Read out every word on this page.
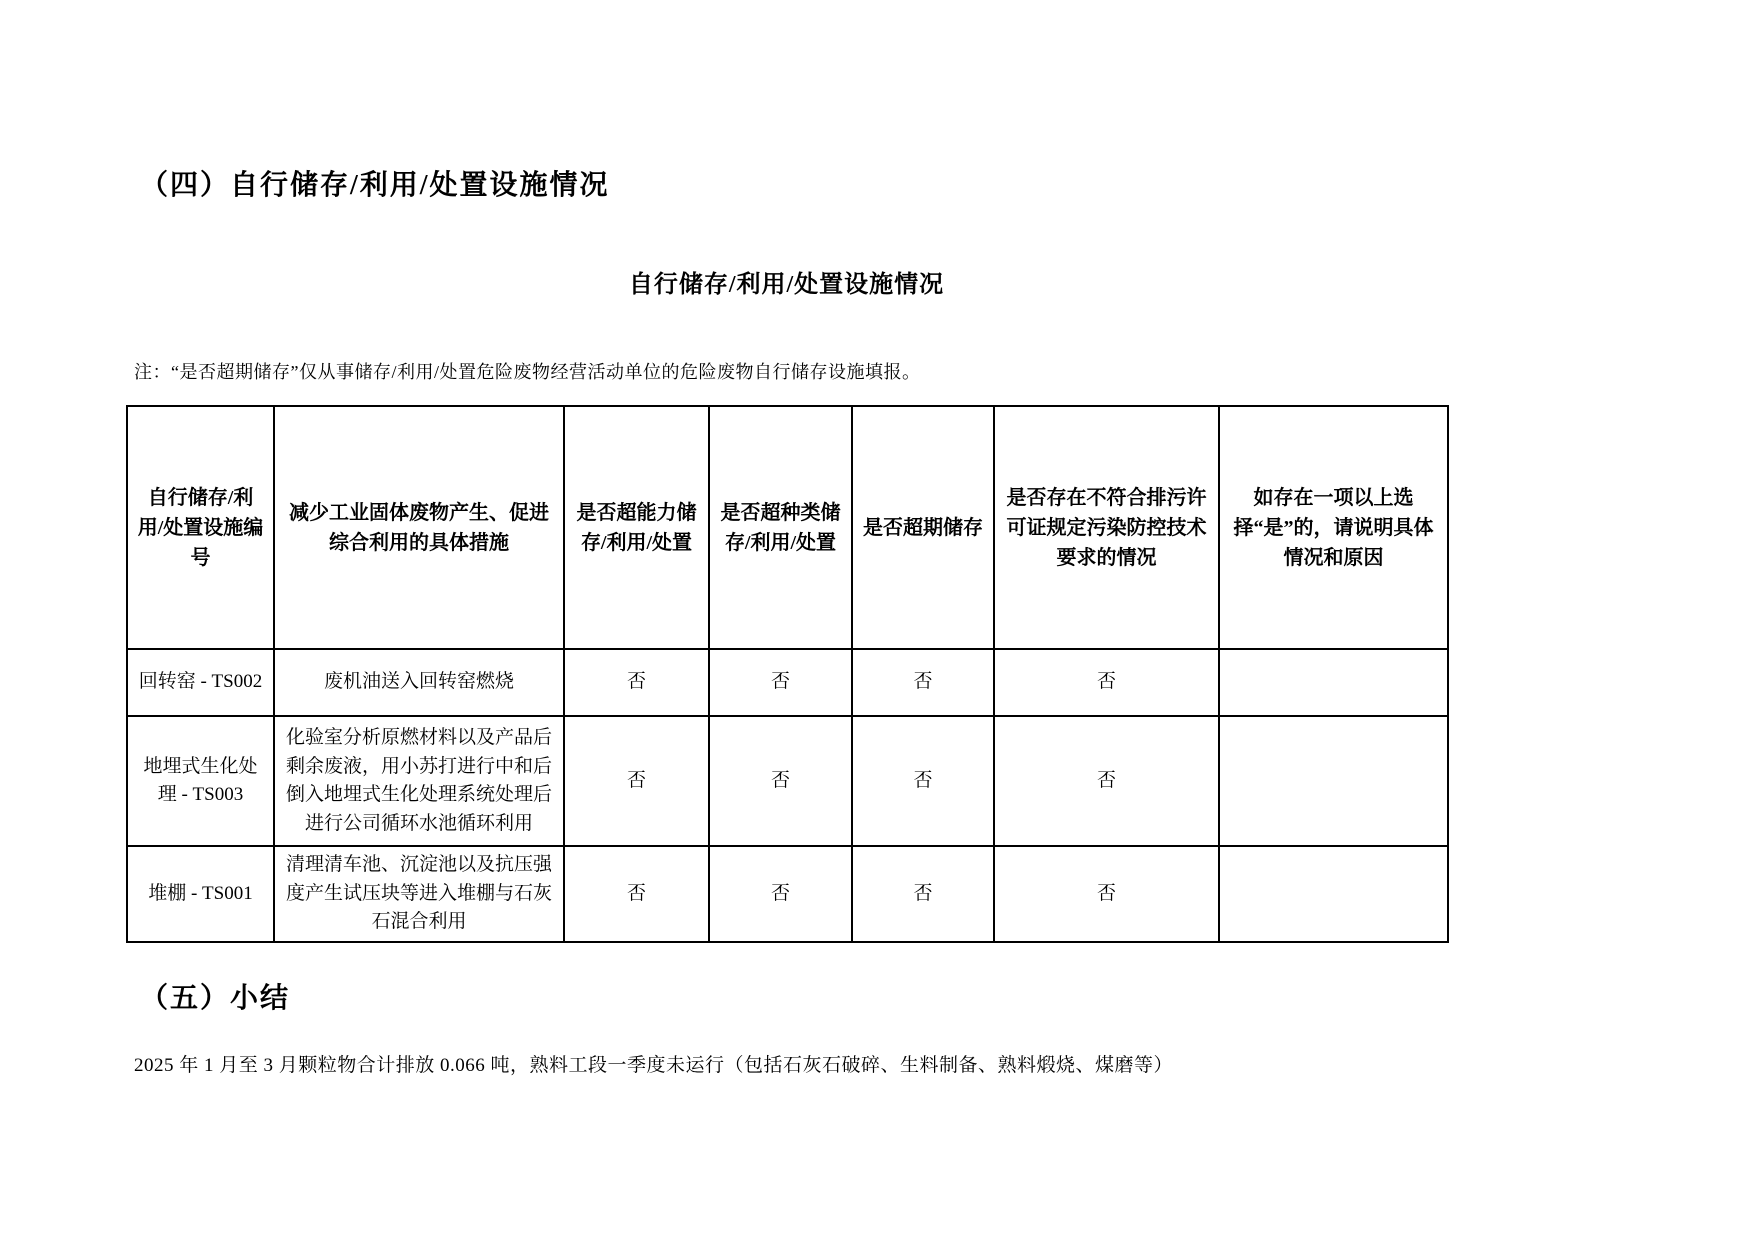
（四）自行储存/利用/处置设施情况
自行储存/利用/处置设施情况
注：“是否超期储存”仅从事储存/利用/处置危险废物经营活动单位的危险废物自行储存设施填报。
自行储存/利用/处置设施编号	减少工业固体废物产生、促进综合利用的具体措施	是否超能力储存/利用/处置	是否超种类储存/利用/处置	是否超期储存	是否存在不符合排污许可证规定污染防控技术要求的情况	如存在一项以上选择“是”的，请说明具体情况和原因
回转窑 - TS002	废机油送入回转窑燃烧	否	否	否	否	
地埋式生化处理 - TS003	化验室分析原燃材料以及产品后剩余废液，用小苏打进行中和后倒入地埋式生化处理系统处理后进行公司循环水池循环利用	否	否	否	否	
堆棚 - TS001	清理清车池、沉淀池以及抗压强度产生试压块等进入堆棚与石灰石混合利用	否	否	否	否	
（五）小结
2025 年 1 月至 3 月颗粒物合计排放 0.066 吨，熟料工段一季度未运行（包括石灰石破碎、生料制备、熟料煅烧、煤磨等）
